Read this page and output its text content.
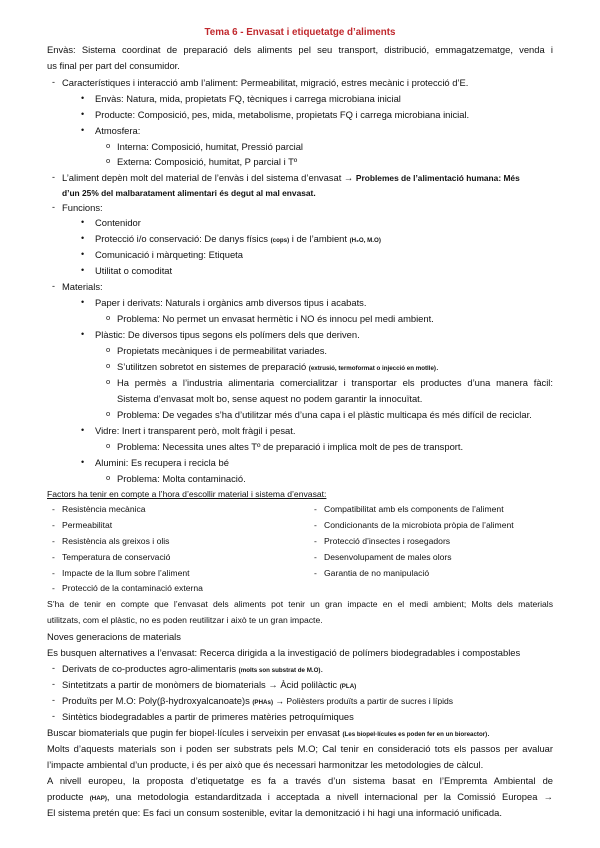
Tema 6 - Envasat i etiquetatge d’aliments
Envàs: Sistema coordinat de preparació dels aliments pel seu transport, distribució, emmagatzematge, venda i
us final per part del consumidor.
- Característiques i interacció amb l’aliment: Permeabilitat, migració, estres mecànic i protecció d’E.
• Envàs: Natura, mida, propietats FQ, tècniques i carrega microbiana inicial
• Producte: Composició, pes, mida, metabolisme, propietats FQ i carrega microbiana inicial.
• Atmosfera:
o Interna: Composició, humitat, Pressió parcial
o Externa: Composició, humitat, P parcial i Tº
- L’aliment depèn molt del material de l’envàs i del sistema d’envasat → Problemes de l’alimentació humana: Més
d’un 25% del malbaratament alimentari és degut al mal envasat.
- Funcions:
• Contenidor
• Protecció i/o conservació: De danys físics (cops) i de l’ambient (H₂O, M.O)
• Comunicació i màrqueting: Etiqueta
• Utilitat o comoditat
- Materials:
• Paper i derivats: Naturals i orgànics amb diversos tipus i acabats.
o Problema: No permet un envasat hermètic i NO és innocu pel medi ambient.
• Plàstic: De diversos tipus segons els polímers dels que deriven.
o Propietats mecàniques i de permeabilitat variades.
o S’utilitzen sobretot en sistemes de preparació (extrusió, termoformat o injecció en motlle).
o Ha permès a l’industria alimentaria comercialitzar i transportar els productes d’una manera fàcil:
Sistema d’envasat molt bo, sense aquest no podem garantir la innocuïtat.
o Problema: De vegades s’ha d’utilitzar més d’una capa i el plàstic multicapa és més difícil de reciclar.
• Vidre: Inert i transparent però, molt fràgil i pesat.
o Problema: Necessita unes altes Tº de preparació i implica molt de pes de transport.
• Alumini: Es recupera i recicla bé
o Problema: Molta contaminació.
Factors ha tenir en compte a l’hora d’escollir material i sistema d’envasat:
- Resistència mecànica
- Permeabilitat
- Resistència als greixos i olis
- Temperatura de conservació
- Impacte de la llum sobre l’aliment
- Protecció de la contaminació externa
- Compatibilitat amb els components de l’aliment
- Condicionants de la microbiota pròpia de l’aliment
- Protecció d’insectes i rosegadors
- Desenvolupament de males olors
- Garantia de no manipulació
S’ha de tenir en compte que l’envasat dels aliments pot tenir un gran impacte en el medi ambient; Molts dels materials
utilitzats, com el plàstic, no es poden reutilitzar i això te un gran impacte.
Noves generacions de materials
Es busquen alternatives a l’envasat: Recerca dirigida a la investigació de polímers biodegradables i compostables
- Derivats de co-productes agro-alimentaris (molts son substrat de M.O).
- Sintetitzats a partir de monòmers de biomaterials → Àcid polilàctic (PLA)
- Produïts per M.O: Poly(β-hydroxyalcanoate)s (PHAs) → Polièsters produïts a partir de sucres i lípids
- Sintètics biodegradables a partir de primeres matèries petroquímiques
Buscar biomaterials que pugin fer biopel·lícules i serveixin per envasat (Les biopel·lícules es poden fer en un bioreactor).
Molts d’aquests materials son i poden ser substrats pels M.O; Cal tenir en consideració tots els passos per avaluar
l’impacte ambiental d’un producte, i és per això que és necessari harmonitzar les metodologies de càlcul.
A nivell europeu, la proposta d’etiquetatge es fa a través d’un sistema basat en l’Empremta Ambiental de
producte (HAP), una metodologia estandarditzada i acceptada a nivell internacional per la Comissió Europea →
El sistema pretén que: Es faci un consum sostenible, evitar la demonització i hi hagi una informació unificada.
